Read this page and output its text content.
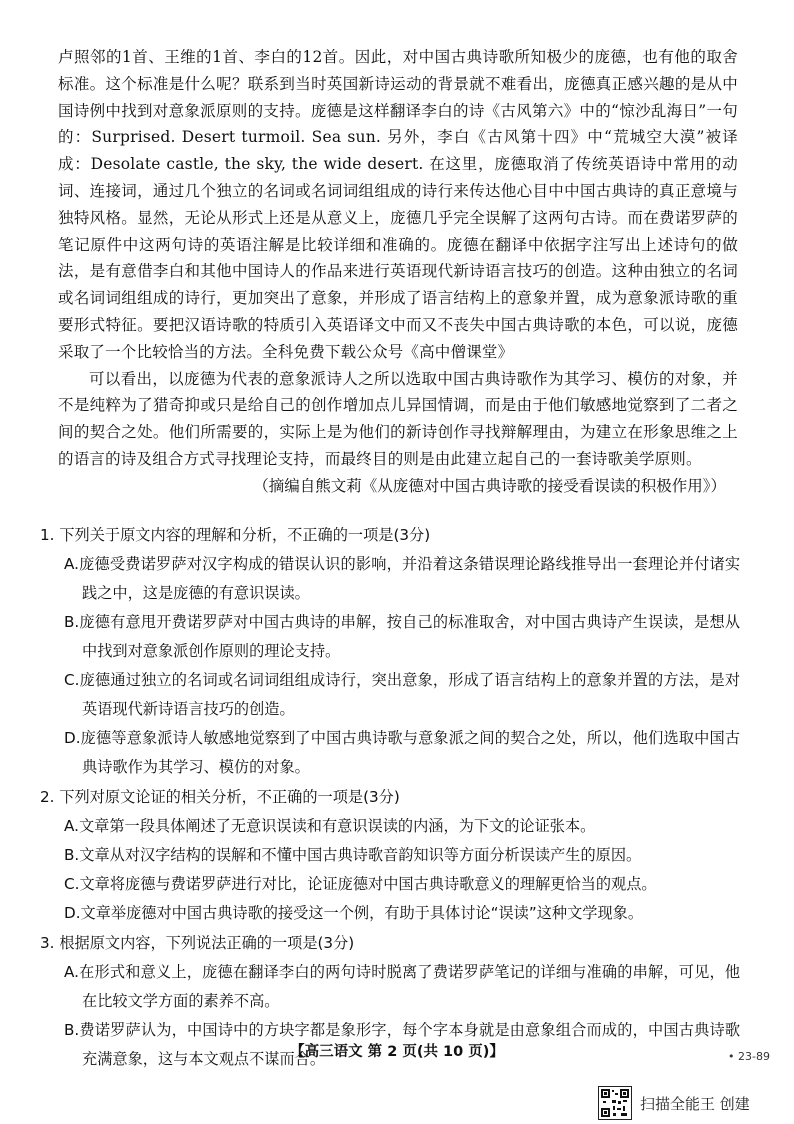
卢照邻的1首、王维的1首、李白的12首。因此，对中国古典诗歌所知极少的庞德，也有他的取舍标准。这个标准是什么呢？联系到当时英国新诗运动的背景就不难看出，庞德真正感兴趣的是从中国诗例中找到对意象派原则的支持。庞德是这样翻译李白的诗《古风第六》中的“惊沙乱海日”一句的：Surprised. Desert turmoil. Sea sun. 另外，李白《古风第十四》中“荒城空大漠”被译成：Desolate castle, the sky, the wide desert. 在这里，庞德取消了传统英语诗中常用的动词、连接词，通过几个独立的名词或名词词组组成的诗行来传达他心目中中国古典诗的真正意境与独特风格。显然，无论从形式上还是从意义上，庞德几乎完全误解了这两句古诗。而在费诺罗萨的笔记原件中这两句诗的英语注解是比较详细和准确的。庞德在翻译中依据字注写出上述诗句的做法，是有意借李白和其他中国诗人的作品来进行英语现代新诗语言技巧的创造。这种由独立的名词或名词词组组成的诗行，更加突出了意象，并形成了语言结构上的意象并置，成为意象派诗歌的重要形式特征。要把汉语诗歌的特质引入英语译文中而又不丧失中国古典诗歌的本色，可以说，庞德采取了一个比较恰当的方法。全科免费下载公众号《高中僧课堂》

可以看出，以庞德为代表的意象派诗人之所以选取中国古典诗歌作为其学习、模仿的对象，并不是纯粹为了猎奇抑或只是给自己的创作增加点儿异国情调，而是由于他们敏感地觉察到了二者之间的契合之处。他们所需要的，实际上是为他们的新诗创作寻找辩解理由，为建立在形象思维之上的语言的诗及组合方式寻找理论支持，而最终目的则是由此建立起自己的一套诗歌美学原则。

（摘编自熊文莉《从庞德对中国古典诗歌的接受看误读的积极作用》）

1. 下列关于原文内容的理解和分析，不正确的一项是(3分)

A.庞德受费诺罗萨对汉字构成的错误认识的影响，并沿着这条错误理论路线推导出一套理论并付诸实践之中，这是庞德的有意识误读。

B.庞德有意甩开费诺罗萨对中国古典诗的串解，按自己的标准取舍，对中国古典诗产生误读，是想从中找到对意象派创作原则的理论支持。

C.庞德通过独立的名词或名词词组组成诗行，突出意象，形成了语言结构上的意象并置的方法，是对英语现代新诗语言技巧的创造。

D.庞德等意象派诗人敏感地觉察到了中国古典诗歌与意象派之间的契合之处，所以，他们选取中国古典诗歌作为其学习、模仿的对象。

2. 下列对原文论证的相关分析，不正确的一项是(3分)

A.文章第一段具体阐述了无意识误读和有意识误读的内涵，为下文的论证张本。

B.文章从对汉字结构的误解和不懂中国古典诗歌音韵知识等方面分析误读产生的原因。

C.文章将庞德与费诺罗萨进行对比，论证庞德对中国古典诗歌意义的理解更恰当的观点。

D.文章举庞德对中国古典诗歌的接受这一个例，有助于具体讨论“误读”这种文学现象。

3. 根据原文内容，下列说法正确的一项是(3分)

A.在形式和意义上，庞德在翻译李白的两句诗时脱离了费诺罗萨笔记的详细与准确的串解，可见，他在比较文学方面的素养不高。

B.费诺罗萨认为，中国诗中的方块字都是象形字，每个字本身就是由意象组合而成的，中国古典诗歌充满意象，这与本文观点不谋而合。

【高三语文 第 2 页(共 10 页)】	• 23-89
扫描全能王 创建
